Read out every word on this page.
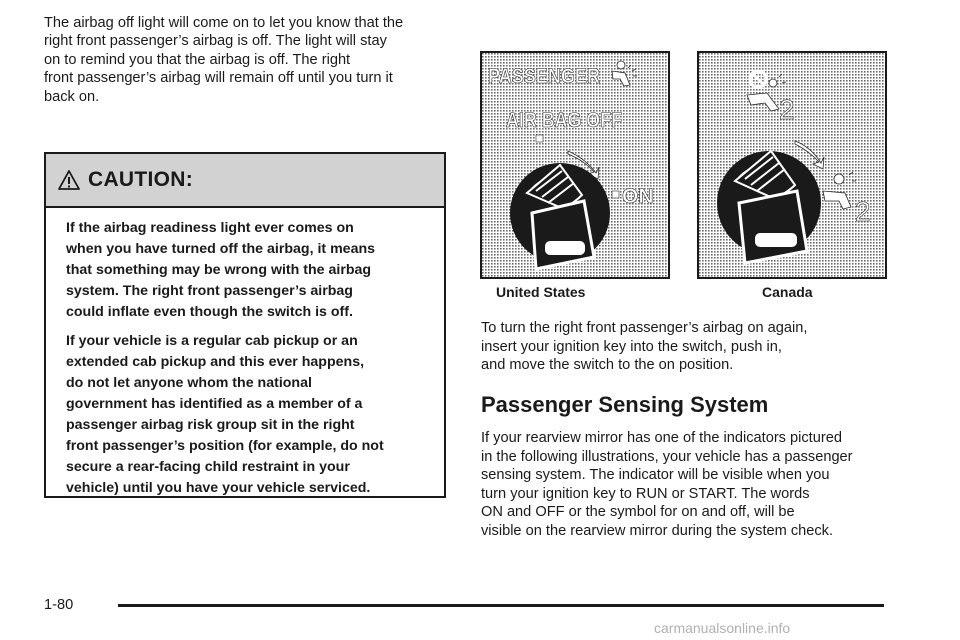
The airbag off light will come on to let you know that the
right front passenger’s airbag is off. The light will stay
on to remind you that the airbag is off. The right
front passenger’s airbag will remain off until you turn it
back on.

CAUTION:

If the airbag readiness light ever comes on
when you have turned off the airbag, it means
that something may be wrong with the airbag
system. The right front passenger’s airbag
could inflate even though the switch is off.

If your vehicle is a regular cab pickup or an
extended cab pickup and this ever happens,
do not let anyone whom the national
government has identified as a member of a
passenger airbag risk group sit in the right
front passenger’s position (for example, do not
secure a rear-facing child restraint in your
vehicle) until you have your vehicle serviced.

PASSENGER
AIR BAG OFF
ON
United States
2
2
Canada

To turn the right front passenger’s airbag on again,
insert your ignition key into the switch, push in,
and move the switch to the on position.

Passenger Sensing System

If your rearview mirror has one of the indicators pictured
in the following illustrations, your vehicle has a passenger
sensing system. The indicator will be visible when you
turn your ignition key to RUN or START. The words
ON and OFF or the symbol for on and off, will be
visible on the rearview mirror during the system check.

1-80
carmanualsonline.info
